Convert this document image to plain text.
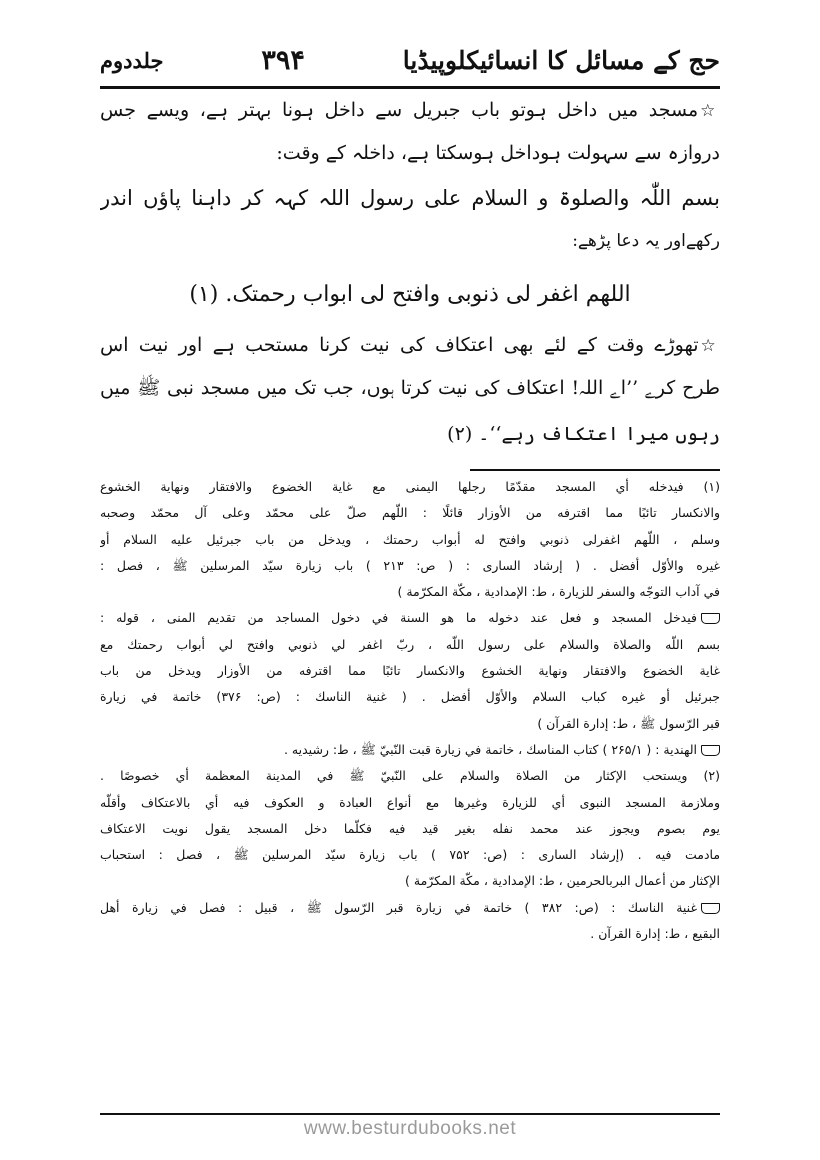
حج کے مسائل کا انسائیکلوپیڈیا
۳۹۴
جلددوم

☆مسجد میں داخل ہوتو باب جبریل سے داخل ہونا بہتر ہے، ویسے جس

دروازہ سے سہولت ہوداخل ہوسکتا ہے، داخلہ کے وقت:

بسم اللّٰہ والصلوۃ و السلام علی رسول اللہ کہہ کر داہنا پاؤں اندر

رکھےاور یہ دعا پڑھے:

اللھم اغفر لی ذنوبی وافتح لی ابواب رحمتک. (۱)

☆تھوڑے وقت کے لئے بھی اعتکاف کی نیت کرنا مستحب ہے اور نیت اس

طرح کرے ’’اے اللہ! اعتکاف کی نیت کرتا ہوں، جب تک میں مسجد نبی ﷺ میں

رہوں میرا اعتکاف رہے‘‘۔ (۲)

(۱) فيدخله أي المسجد مقدّمًا رجلها اليمنى مع غاية الخضوع والافتقار ونهاية الخشوع

والانكسار تائبًا مما اقترفه من الأوزار قائلًا : اللّهم صلّ على محمّد وعلى آل محمّد وصحبه

وسلم ، اللّهم اغفرلى ذنوبي وافتح له أبواب رحمتك ، ويدخل من باب جبرئيل عليه السلام أو

غيره والأوّل أفضل . ( إرشاد السارى : ( ص: ۲۱۳ ) باب زيارة سيّد المرسلين ﷺ ، فصل :

في آداب التوجّه والسفر للزيارة ، ط: الإمدادية ، مكّة المكرّمة )

فيدخل المسجد و فعل عند دخوله ما هو السنة في دخول المساجد من تقديم المنى ، قوله :

بسم اللّه والصلاة والسلام على رسول اللّه ، ربّ اغفر لي ذنوبي وافتح لي أبواب رحمتك مع

غاية الخضوع والافتقار ونهاية الخشوع والانكسار تائبًا مما اقترفه من الأوزار ويدخل من باب

جبرئيل أو غيره كباب السلام والأوّل أفضل . ( غنية الناسك : (ص: ۳۷۶) خاتمة في زيارة

قبر الرّسول ﷺ ، ط: إدارة القرآن )

الهندية : ( ۲۶۵/۱ ) كتاب المناسك ، خاتمة في زيارة قبت النّبيّ ﷺ ، ط: رشيديه .

(۲) ويستحب الإكثار من الصلاة والسلام على النّبيّ ﷺ في المدينة المعظمة أي خصوصًا .

وملازمة المسجد النبوى أي للزيارة وغيرها مع أنواع العبادة و العكوف فيه أي بالاعتكاف وأقلّه

يوم بصوم ويجوز عند محمد نفله بغير قيد فيه فكلّما دخل المسجد يقول نويت الاعتكاف

مادمت فيه . (إرشاد السارى : (ص: ۷۵۲ ) باب زيارة سيّد المرسلين ﷺ ، فصل : استحباب

الإكثار من أعمال البربالحرمين ، ط: الإمدادية ، مكّة المكرّمة )

غنية الناسك : (ص: ۳۸۲ ) خاتمة في زيارة قبر الرّسول ﷺ ، قبيل : فصل في زيارة أهل

البقيع ، ط: إدارة القرآن .

www.besturdubooks.net
